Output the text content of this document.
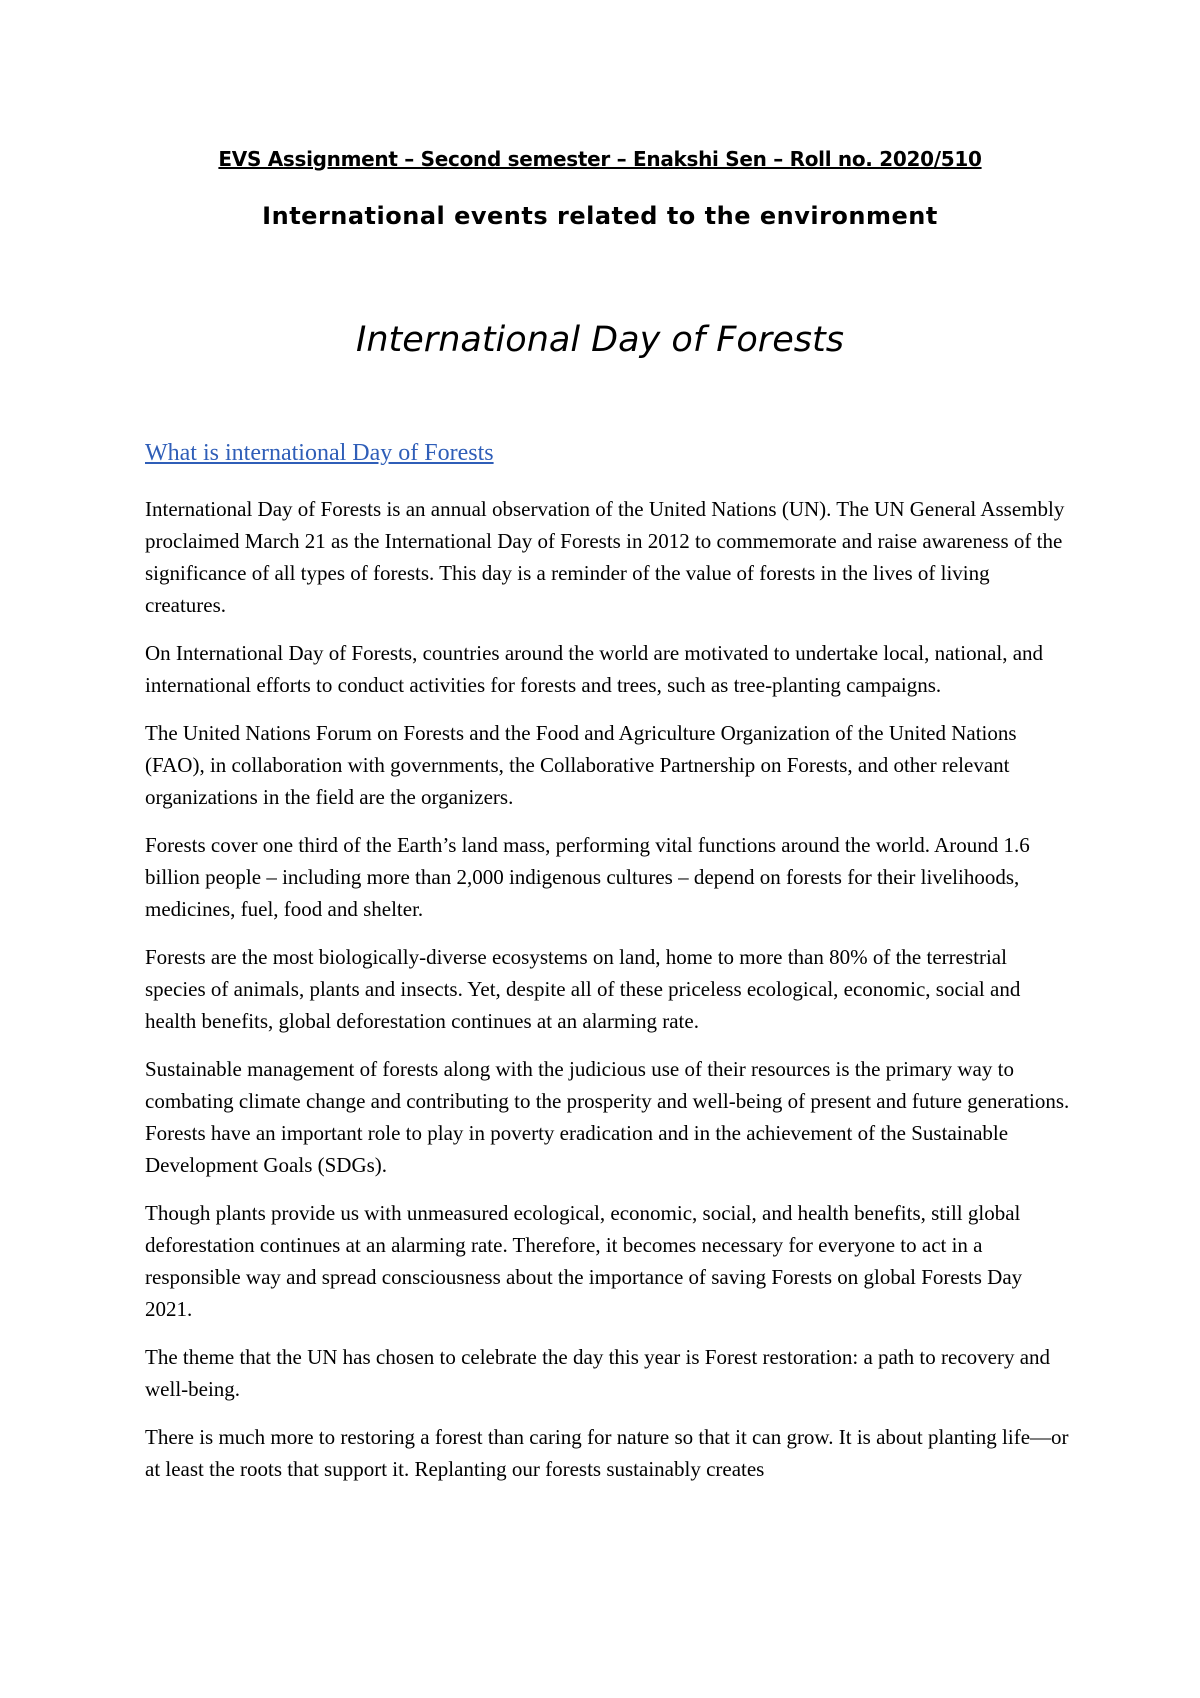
EVS Assignment – Second semester – Enakshi Sen – Roll no. 2020/510
International events related to the environment
International Day of Forests
What is international Day of Forests

International Day of Forests is an annual observation of the United Nations (UN). The UN General Assembly proclaimed March 21 as the International Day of Forests in 2012 to commemorate and raise awareness of the significance of all types of forests. This day is a reminder of the value of forests in the lives of living creatures.

On International Day of Forests, countries around the world are motivated to undertake local, national, and international efforts to conduct activities for forests and trees, such as tree-planting campaigns.

The United Nations Forum on Forests and the Food and Agriculture Organization of the United Nations (FAO), in collaboration with governments, the Collaborative Partnership on Forests, and other relevant organizations in the field are the organizers.

Forests cover one third of the Earth’s land mass, performing vital functions around the world. Around 1.6 billion people – including more than 2,000 indigenous cultures – depend on forests for their livelihoods, medicines, fuel, food and shelter.

Forests are the most biologically-diverse ecosystems on land, home to more than 80% of the terrestrial species of animals, plants and insects. Yet, despite all of these priceless ecological, economic, social and health benefits, global deforestation continues at an alarming rate.

Sustainable management of forests along with the judicious use of their resources is the primary way to combating climate change and contributing to the prosperity and well-being of present and future generations. Forests have an important role to play in poverty eradication and in the achievement of the Sustainable Development Goals (SDGs).

Though plants provide us with unmeasured ecological, economic, social, and health benefits, still global deforestation continues at an alarming rate. Therefore, it becomes necessary for everyone to act in a responsible way and spread consciousness about the importance of saving Forests on global Forests Day 2021.

The theme that the UN has chosen to celebrate the day this year is Forest restoration: a path to recovery and well-being.

There is much more to restoring a forest than caring for nature so that it can grow. It is about planting life—or at least the roots that support it. Replanting our forests sustainably creates
